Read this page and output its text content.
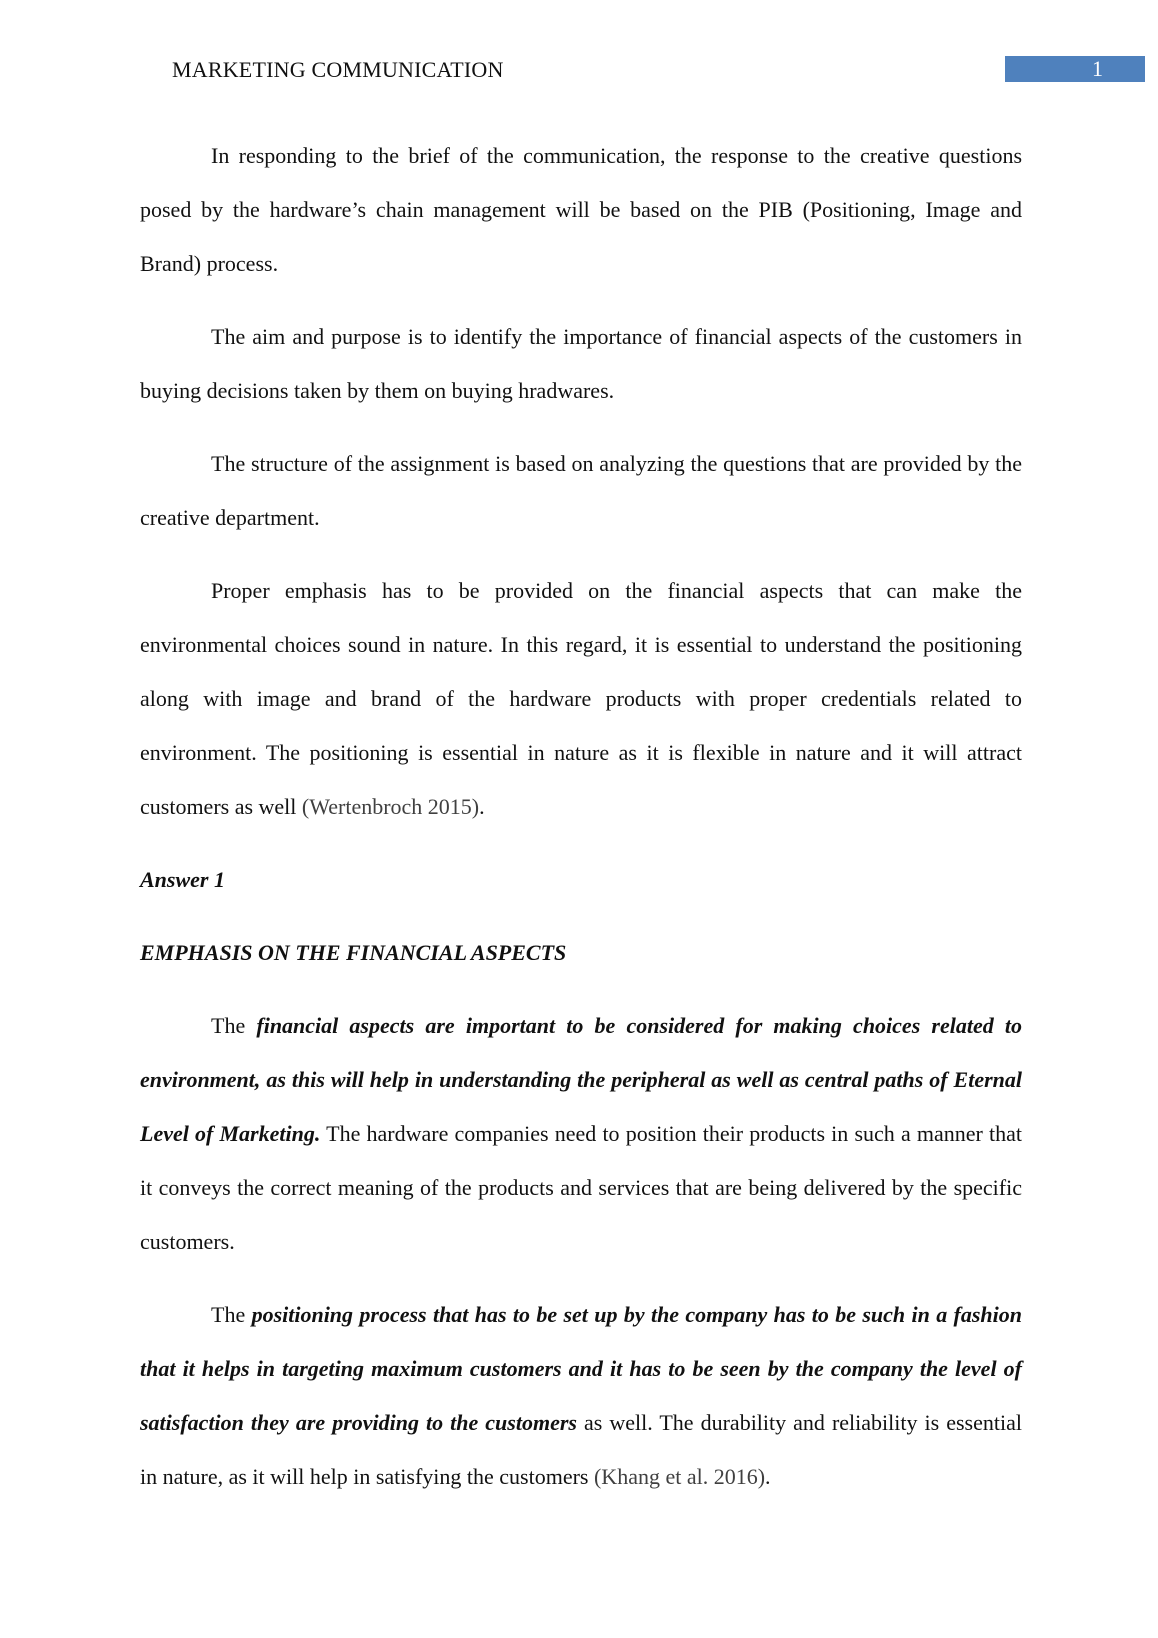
MARKETING COMMUNICATION	1

In responding to the brief of the communication, the response to the creative questions posed by the hardware’s chain management will be based on the PIB (Positioning, Image and Brand) process.

The aim and purpose is to identify the importance of financial aspects of the customers in buying decisions taken by them on buying hradwares.

The structure of the assignment is based on analyzing the questions that are provided by the creative department.

Proper emphasis has to be provided on the financial aspects that can make the environmental choices sound in nature. In this regard, it is essential to understand the positioning along with image and brand of the hardware products with proper credentials related to environment. The positioning is essential in nature as it is flexible in nature and it will attract customers as well (Wertenbroch 2015).

Answer 1

EMPHASIS ON THE FINANCIAL ASPECTS

The financial aspects are important to be considered for making choices related to environment, as this will help in understanding the peripheral as well as central paths of Eternal Level of Marketing. The hardware companies need to position their products in such a manner that it conveys the correct meaning of the products and services that are being delivered by the specific customers.

The positioning process that has to be set up by the company has to be such in a fashion that it helps in targeting maximum customers and it has to be seen by the company the level of satisfaction they are providing to the customers as well. The durability and reliability is essential in nature, as it will help in satisfying the customers (Khang et al. 2016).
